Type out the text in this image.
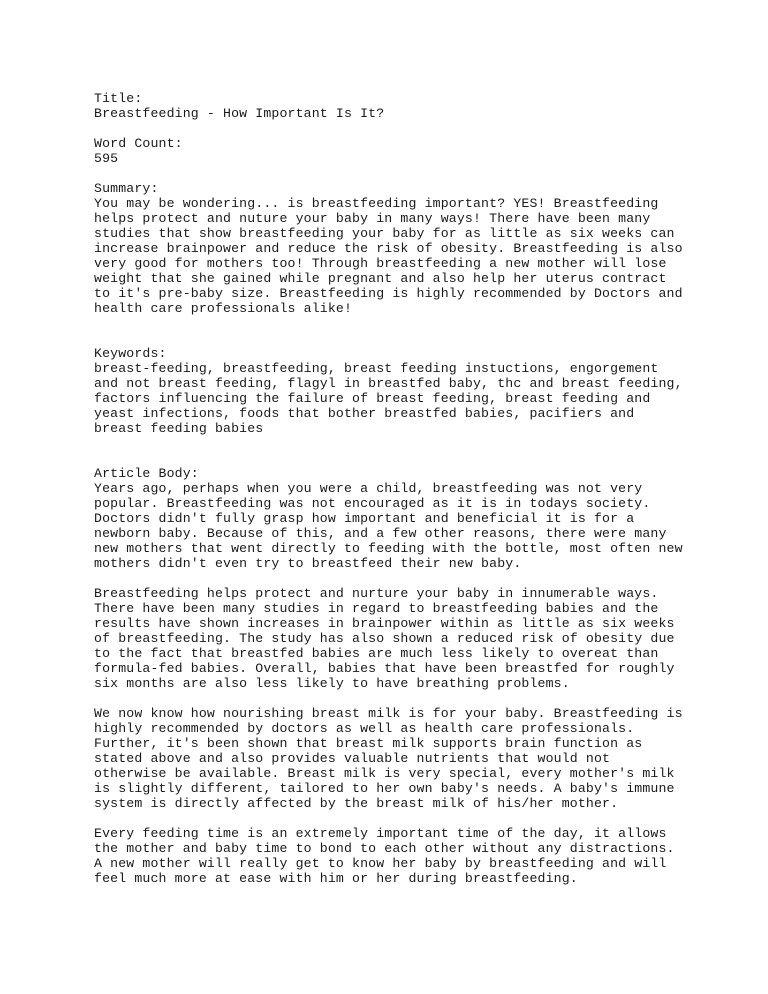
Title:
Breastfeeding - How Important Is It?
Word Count:
595
Summary:
You may be wondering... is breastfeeding important? YES! Breastfeeding
helps protect and nuture your baby in many ways! There have been many
studies that show breastfeeding your baby for as little as six weeks can
increase brainpower and reduce the risk of obesity. Breastfeeding is also
very good for mothers too! Through breastfeeding a new mother will lose
weight that she gained while pregnant and also help her uterus contract
to it's pre-baby size. Breastfeeding is highly recommended by Doctors and
health care professionals alike!
Keywords:
breast-feeding, breastfeeding, breast feeding instuctions, engorgement
and not breast feeding, flagyl in breastfed baby, thc and breast feeding,
factors influencing the failure of breast feeding, breast feeding and
yeast infections, foods that bother breastfed babies, pacifiers and
breast feeding babies
Article Body:
Years ago, perhaps when you were a child, breastfeeding was not very
popular. Breastfeeding was not encouraged as it is in todays society.
Doctors didn't fully grasp how important and beneficial it is for a
newborn baby. Because of this, and a few other reasons, there were many
new mothers that went directly to feeding with the bottle, most often new
mothers didn't even try to breastfeed their new baby.
Breastfeeding helps protect and nurture your baby in innumerable ways.
There have been many studies in regard to breastfeeding babies and the
results have shown increases in brainpower within as little as six weeks
of breastfeeding. The study has also shown a reduced risk of obesity due
to the fact that breastfed babies are much less likely to overeat than
formula-fed babies. Overall, babies that have been breastfed for roughly
six months are also less likely to have breathing problems.
We now know how nourishing breast milk is for your baby. Breastfeeding is
highly recommended by doctors as well as health care professionals.
Further, it's been shown that breast milk supports brain function as
stated above and also provides valuable nutrients that would not
otherwise be available. Breast milk is very special, every mother's milk
is slightly different, tailored to her own baby's needs. A baby's immune
system is directly affected by the breast milk of his/her mother.
Every feeding time is an extremely important time of the day, it allows
the mother and baby time to bond to each other without any distractions.
A new mother will really get to know her baby by breastfeeding and will
feel much more at ease with him or her during breastfeeding.
